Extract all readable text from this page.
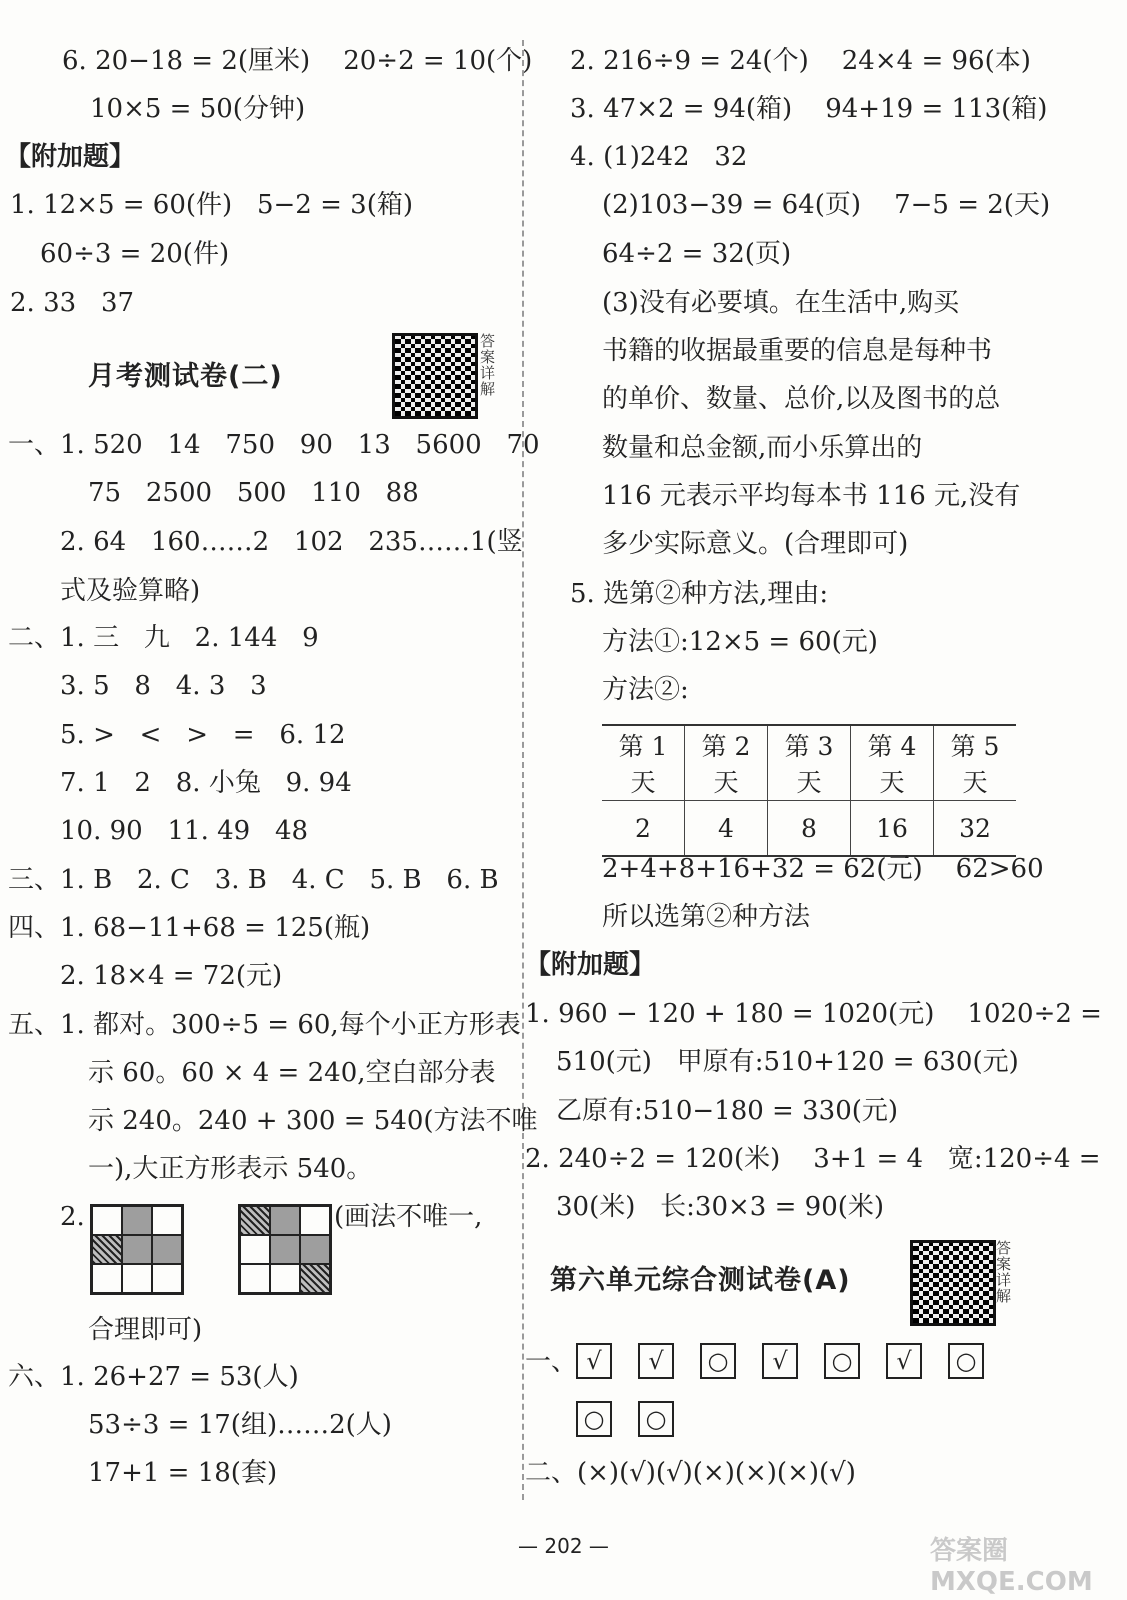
6. 20−18 = 2(厘米)    20÷2 = 10(个)
10×5 = 50(分钟)
【附加题】
1. 12×5 = 60(件)   5−2 = 3(箱)
60÷3 = 20(件)
2. 33   37
月考测试卷(二)
答案详解
一、1. 520   14   750   90   13   5600   70
75   2500   500   110   88
2. 64   160……2   102   235……1(竖
式及验算略)
二、1. 三   九   2. 144   9
3. 5   8   4. 3   3
5. >   <   >   =   6. 12
7. 1   2   8. 小兔   9. 94
10. 90   11. 49   48
三、1. B   2. C   3. B   4. C   5. B   6. B
四、1. 68−11+68 = 125(瓶)
2. 18×4 = 72(元)
五、1. 都对。300÷5 = 60,每个小正方形表
示 60。60 × 4 = 240,空白部分表
示 240。240 + 300 = 540(方法不唯
一),大正方形表示 540。
2.	(画法不唯一,
合理即可)
六、1. 26+27 = 53(人)
53÷3 = 17(组)……2(人)
17+1 = 18(套)
2. 216÷9 = 24(个)    24×4 = 96(本)
3. 47×2 = 94(箱)    94+19 = 113(箱)
4. (1)242   32
(2)103−39 = 64(页)    7−5 = 2(天)
64÷2 = 32(页)
(3)没有必要填。在生活中,购买
书籍的收据最重要的信息是每种书
的单价、数量、总价,以及图书的总
数量和总金额,而小乐算出的
116 元表示平均每本书 116 元,没有
多少实际意义。(合理即可)
5. 选第②种方法,理由:
方法①:12×5 = 60(元)
方法②:
第 1 天	第 2 天	第 3 天	第 4 天	第 5 天
2	4	8	16	32
2+4+8+16+32 = 62(元)    62>60
所以选第②种方法
【附加题】
1. 960 − 120 + 180 = 1020(元)    1020÷2 =
510(元)   甲原有:510+120 = 630(元)
乙原有:510−180 = 330(元)
2. 240÷2 = 120(米)    3+1 = 4   宽:120÷4 =
30(米)   长:30×3 = 90(米)
第六单元综合测试卷(A)
答案详解
一、 √ √ ○ √ ○ √ ○
○ ○
二、(×)(√)(√)(×)(×)(×)(√)
— 202 —	答案圈 MXQE.COM
